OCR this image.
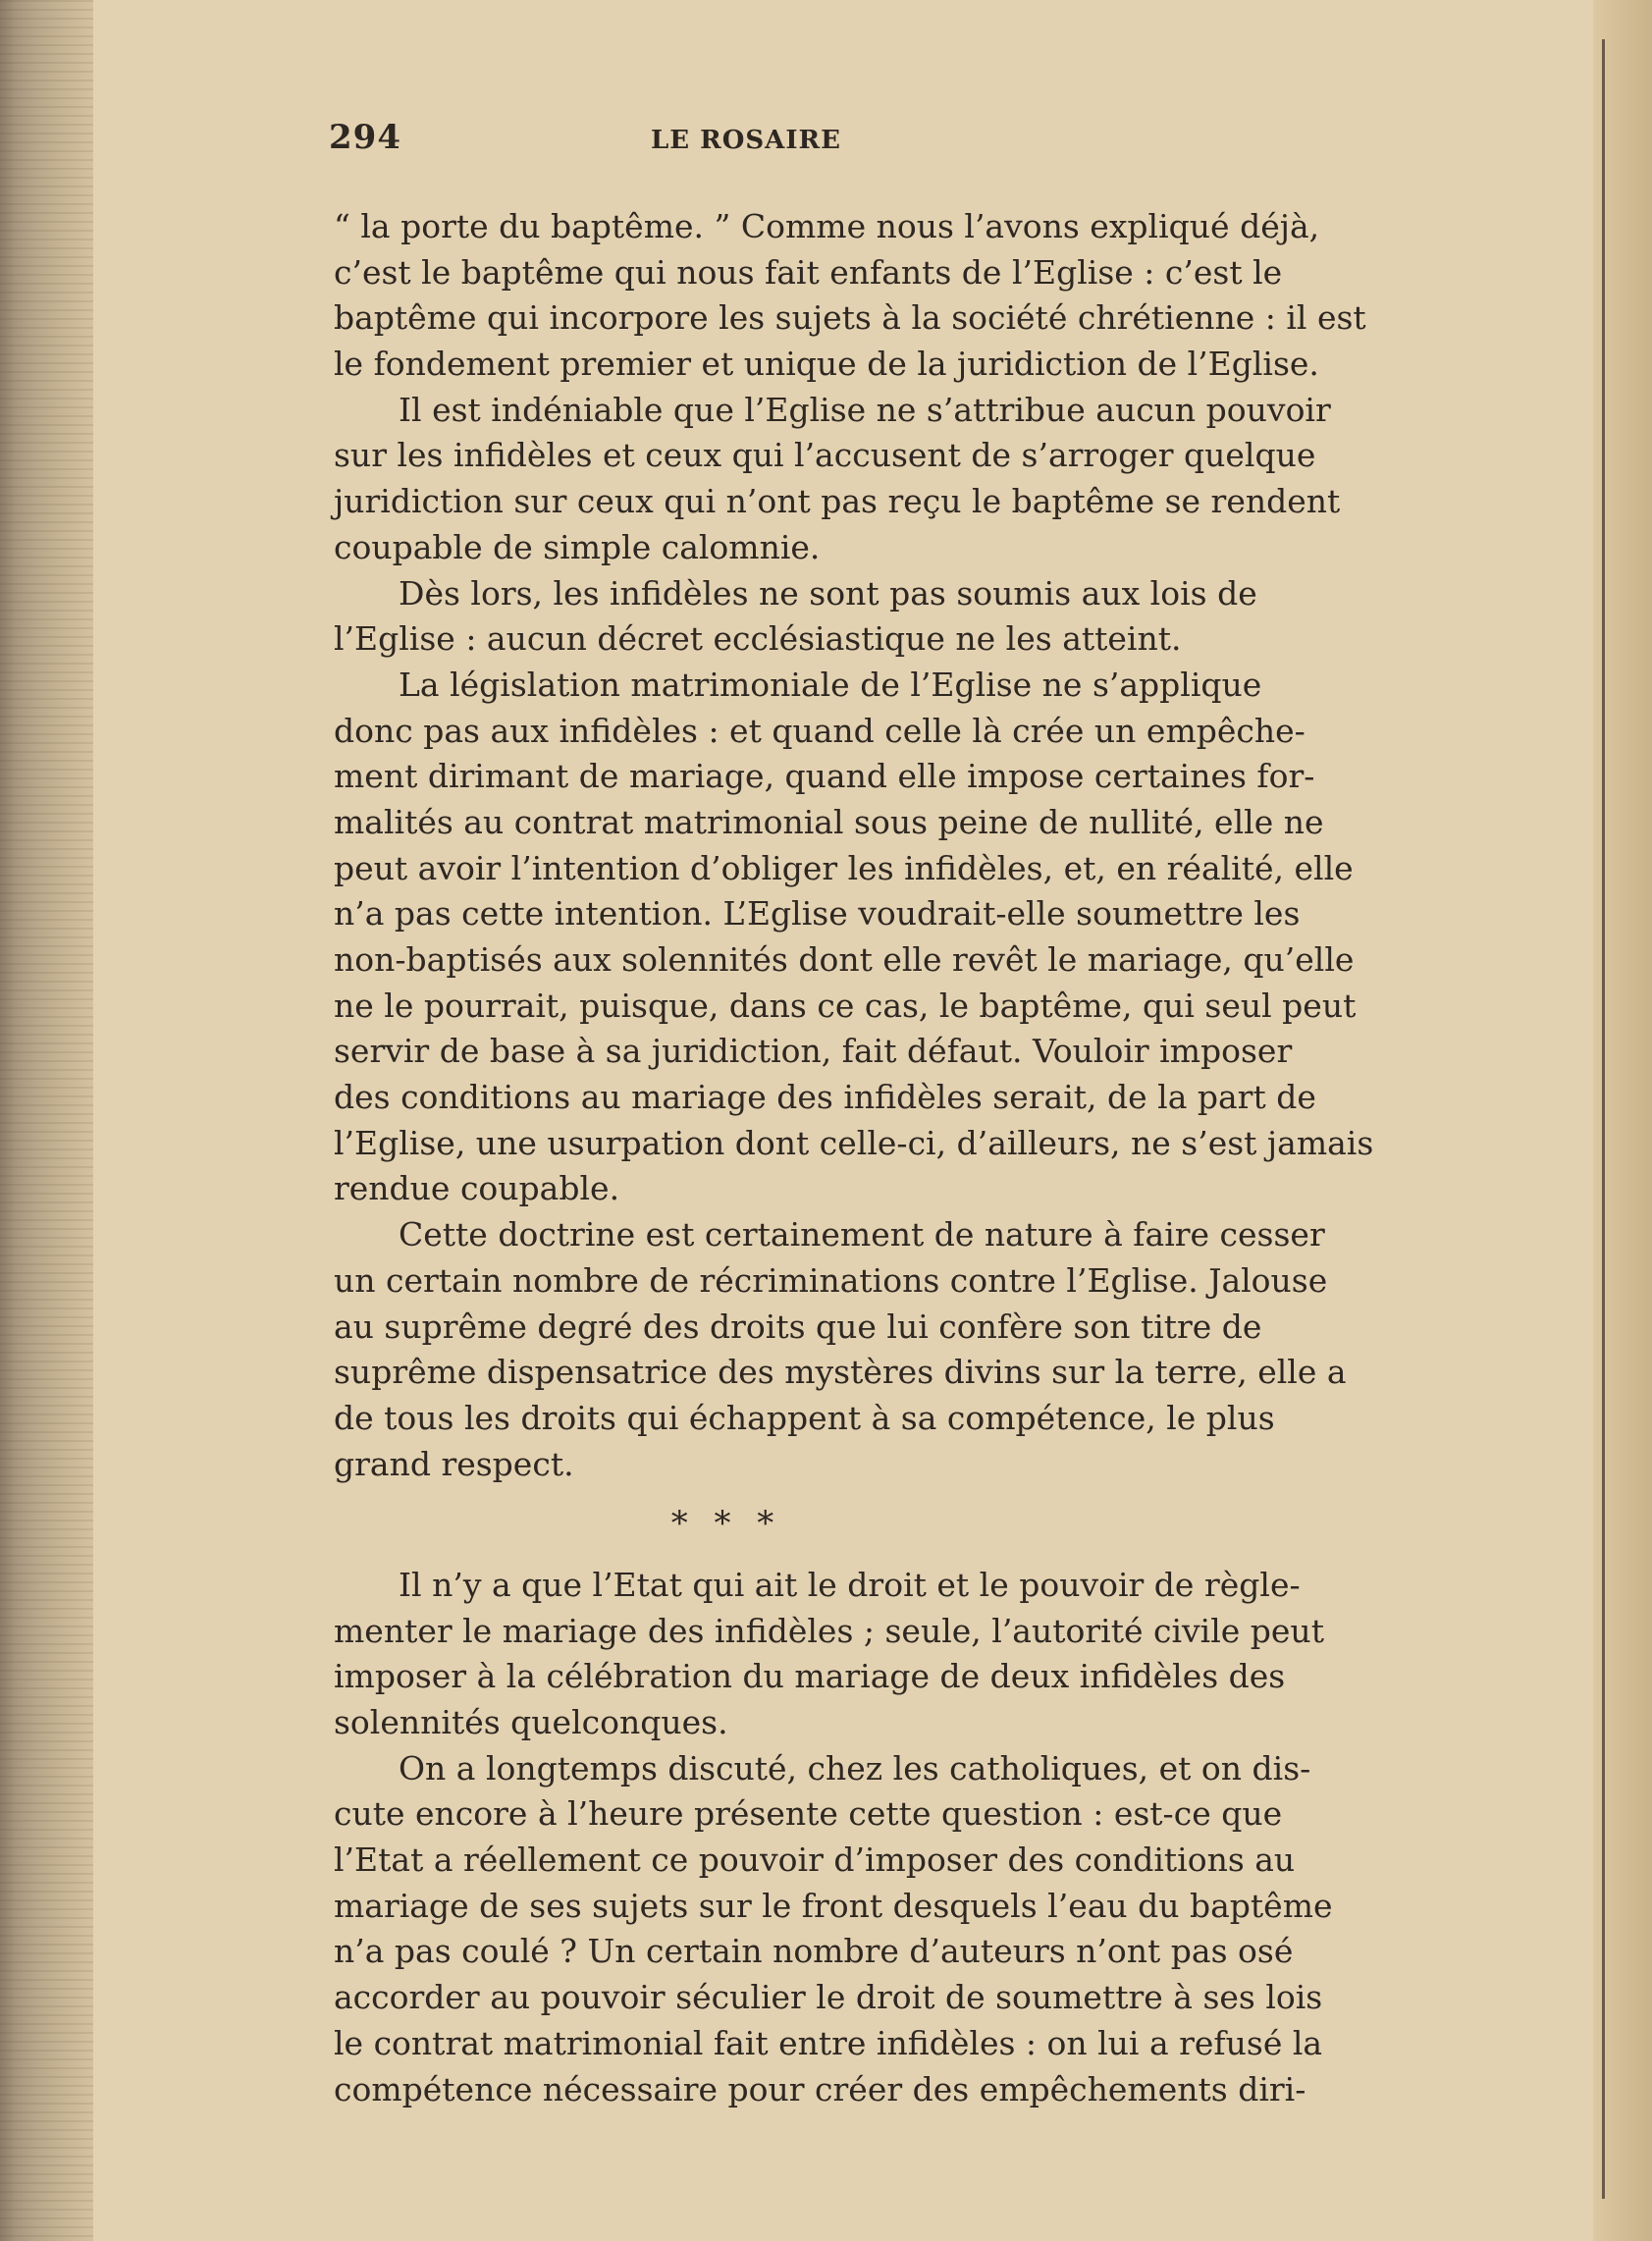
294	LE ROSAIRE
“ la porte du baptême. ” Comme nous l’avons expliqué déjà,
c’est le baptême qui nous fait enfants de l’Eglise : c’est le
baptême qui incorpore les sujets à la société chrétienne : il est
le fondement premier et unique de la juridiction de l’Eglise.
Il est indéniable que l’Eglise ne s’attribue aucun pouvoir
sur les infidèles et ceux qui l’accusent de s’arroger quelque
juridiction sur ceux qui n’ont pas reçu le baptême se rendent
coupable de simple calomnie.
Dès lors, les infidèles ne sont pas soumis aux lois de
l’Eglise : aucun décret ecclésiastique ne les atteint.
La législation matrimoniale de l’Eglise ne s’applique
donc pas aux infidèles : et quand celle là crée un empêche-
ment dirimant de mariage, quand elle impose certaines for-
malités au contrat matrimonial sous peine de nullité, elle ne
peut avoir l’intention d’obliger les infidèles, et, en réalité, elle
n’a pas cette intention. L’Eglise voudrait-elle soumettre les
non-baptisés aux solennités dont elle revêt le mariage, qu’elle
ne le pourrait, puisque, dans ce cas, le baptême, qui seul peut
servir de base à sa juridiction, fait défaut. Vouloir imposer
des conditions au mariage des infidèles serait, de la part de
l’Eglise, une usurpation dont celle-ci, d’ailleurs, ne s’est jamais
rendue coupable.
Cette doctrine est certainement de nature à faire cesser
un certain nombre de récriminations contre l’Eglise. Jalouse
au suprême degré des droits que lui confère son titre de
suprême dispensatrice des mystères divins sur la terre, elle a
de tous les droits qui échappent à sa compétence, le plus
grand respect.
* * *
Il n’y a que l’Etat qui ait le droit et le pouvoir de règle-
menter le mariage des infidèles ; seule, l’autorité civile peut
imposer à la célébration du mariage de deux infidèles des
solennités quelconques.
On a longtemps discuté, chez les catholiques, et on dis-
cute encore à l’heure présente cette question : est-ce que
l’Etat a réellement ce pouvoir d’imposer des conditions au
mariage de ses sujets sur le front desquels l’eau du baptême
n’a pas coulé ? Un certain nombre d’auteurs n’ont pas osé
accorder au pouvoir séculier le droit de soumettre à ses lois
le contrat matrimonial fait entre infidèles : on lui a refusé la
compétence nécessaire pour créer des empêchements diri-
